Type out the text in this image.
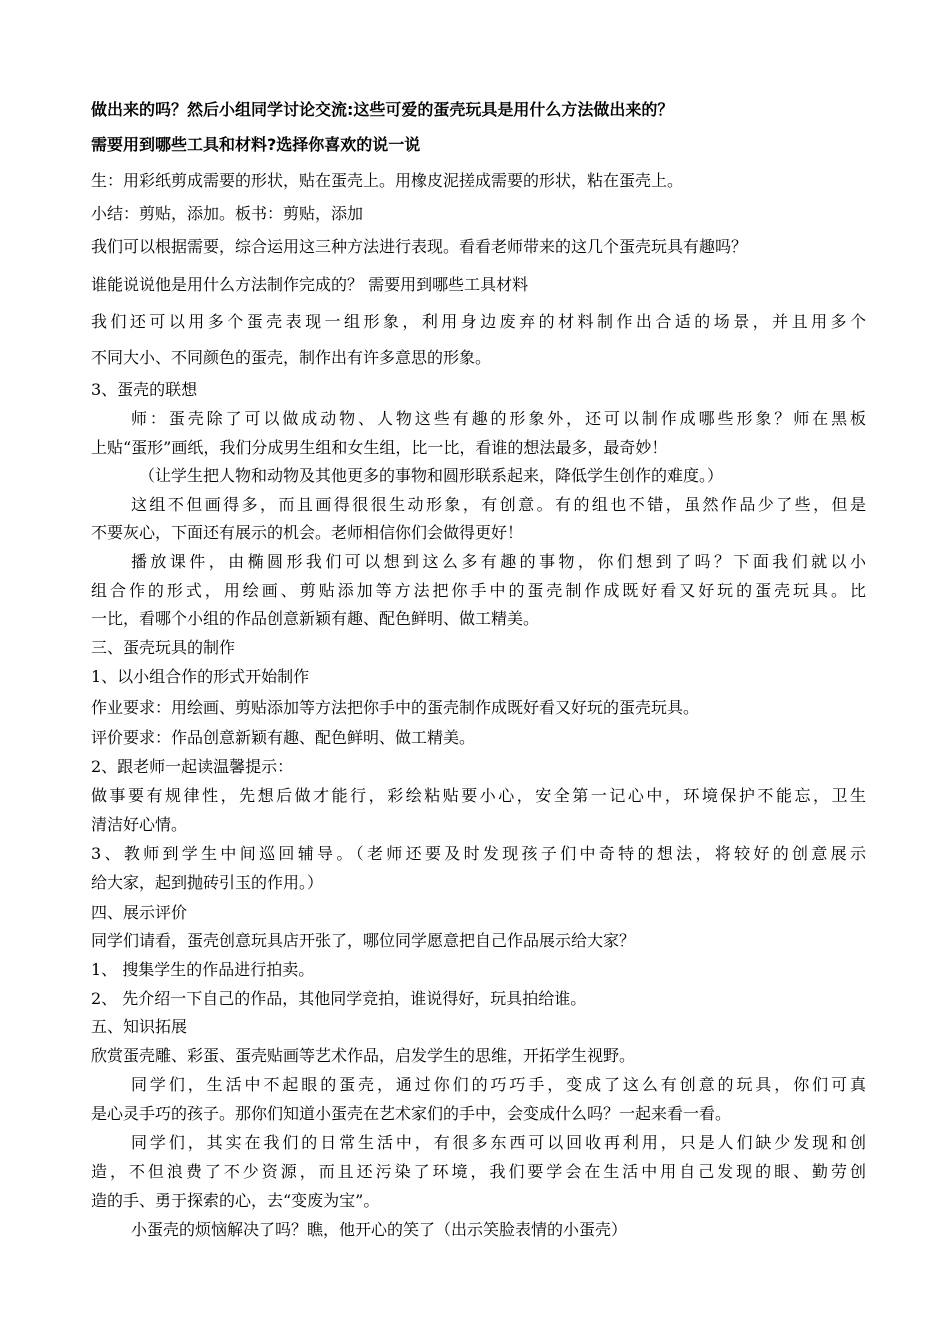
做出来的吗？然后小组同学讨论交流:这些可爱的蛋壳玩具是用什么方法做出来的？
需要用到哪些工具和材料?选择你喜欢的说一说
生：用彩纸剪成需要的形状，贴在蛋壳上。用橡皮泥搓成需要的形状，粘在蛋壳上。
小结：剪贴，添加。板书：剪贴，添加
我们可以根据需要，综合运用这三种方法进行表现。看看老师带来的这几个蛋壳玩具有趣吗？
谁能说说他是用什么方法制作完成的？ 需要用到哪些工具材料
我们还可以用多个蛋壳表现一组形象，利用身边废弃的材料制作出合适的场景，并且用多个
不同大小、不同颜色的蛋壳，制作出有许多意思的形象。
3、蛋壳的联想
师：蛋壳除了可以做成动物、人物这些有趣的形象外，还可以制作成哪些形象？师在黑板
上贴“蛋形”画纸，我们分成男生组和女生组，比一比，看谁的想法最多，最奇妙！
（让学生把人物和动物及其他更多的事物和圆形联系起来，降低学生创作的难度。）
这组不但画得多，而且画得很很生动形象，有创意。有的组也不错，虽然作品少了些，但是
不要灰心，下面还有展示的机会。老师相信你们会做得更好！
播放课件，由椭圆形我们可以想到这么多有趣的事物，你们想到了吗？下面我们就以小
组合作的形式，用绘画、剪贴添加等方法把你手中的蛋壳制作成既好看又好玩的蛋壳玩具。比
一比，看哪个小组的作品创意新颖有趣、配色鲜明、做工精美。
三、蛋壳玩具的制作
1、以小组合作的形式开始制作
作业要求：用绘画、剪贴添加等方法把你手中的蛋壳制作成既好看又好玩的蛋壳玩具。
评价要求：作品创意新颖有趣、配色鲜明、做工精美。
2、跟老师一起读温馨提示：
做事要有规律性，先想后做才能行，彩绘粘贴要小心，安全第一记心中，环境保护不能忘，卫生
清洁好心情。
3、教师到学生中间巡回辅导。（老师还要及时发现孩子们中奇特的想法，将较好的创意展示
给大家，起到抛砖引玉的作用。）
四、展示评价
同学们请看，蛋壳创意玩具店开张了，哪位同学愿意把自己作品展示给大家？
1、 搜集学生的作品进行拍卖。
2、 先介绍一下自己的作品，其他同学竞拍，谁说得好，玩具拍给谁。
五、知识拓展
欣赏蛋壳雕、彩蛋、蛋壳贴画等艺术作品，启发学生的思维，开拓学生视野。
同学们，生活中不起眼的蛋壳，通过你们的巧巧手，变成了这么有创意的玩具，你们可真
是心灵手巧的孩子。那你们知道小蛋壳在艺术家们的手中，会变成什么吗？一起来看一看。
同学们，其实在我们的日常生活中，有很多东西可以回收再利用，只是人们缺少发现和创
造，不但浪费了不少资源，而且还污染了环境，我们要学会在生活中用自己发现的眼、勤劳创
造的手、勇于探索的心，去“变废为宝”。
小蛋壳的烦恼解决了吗？瞧，他开心的笑了（出示笑脸表情的小蛋壳）
